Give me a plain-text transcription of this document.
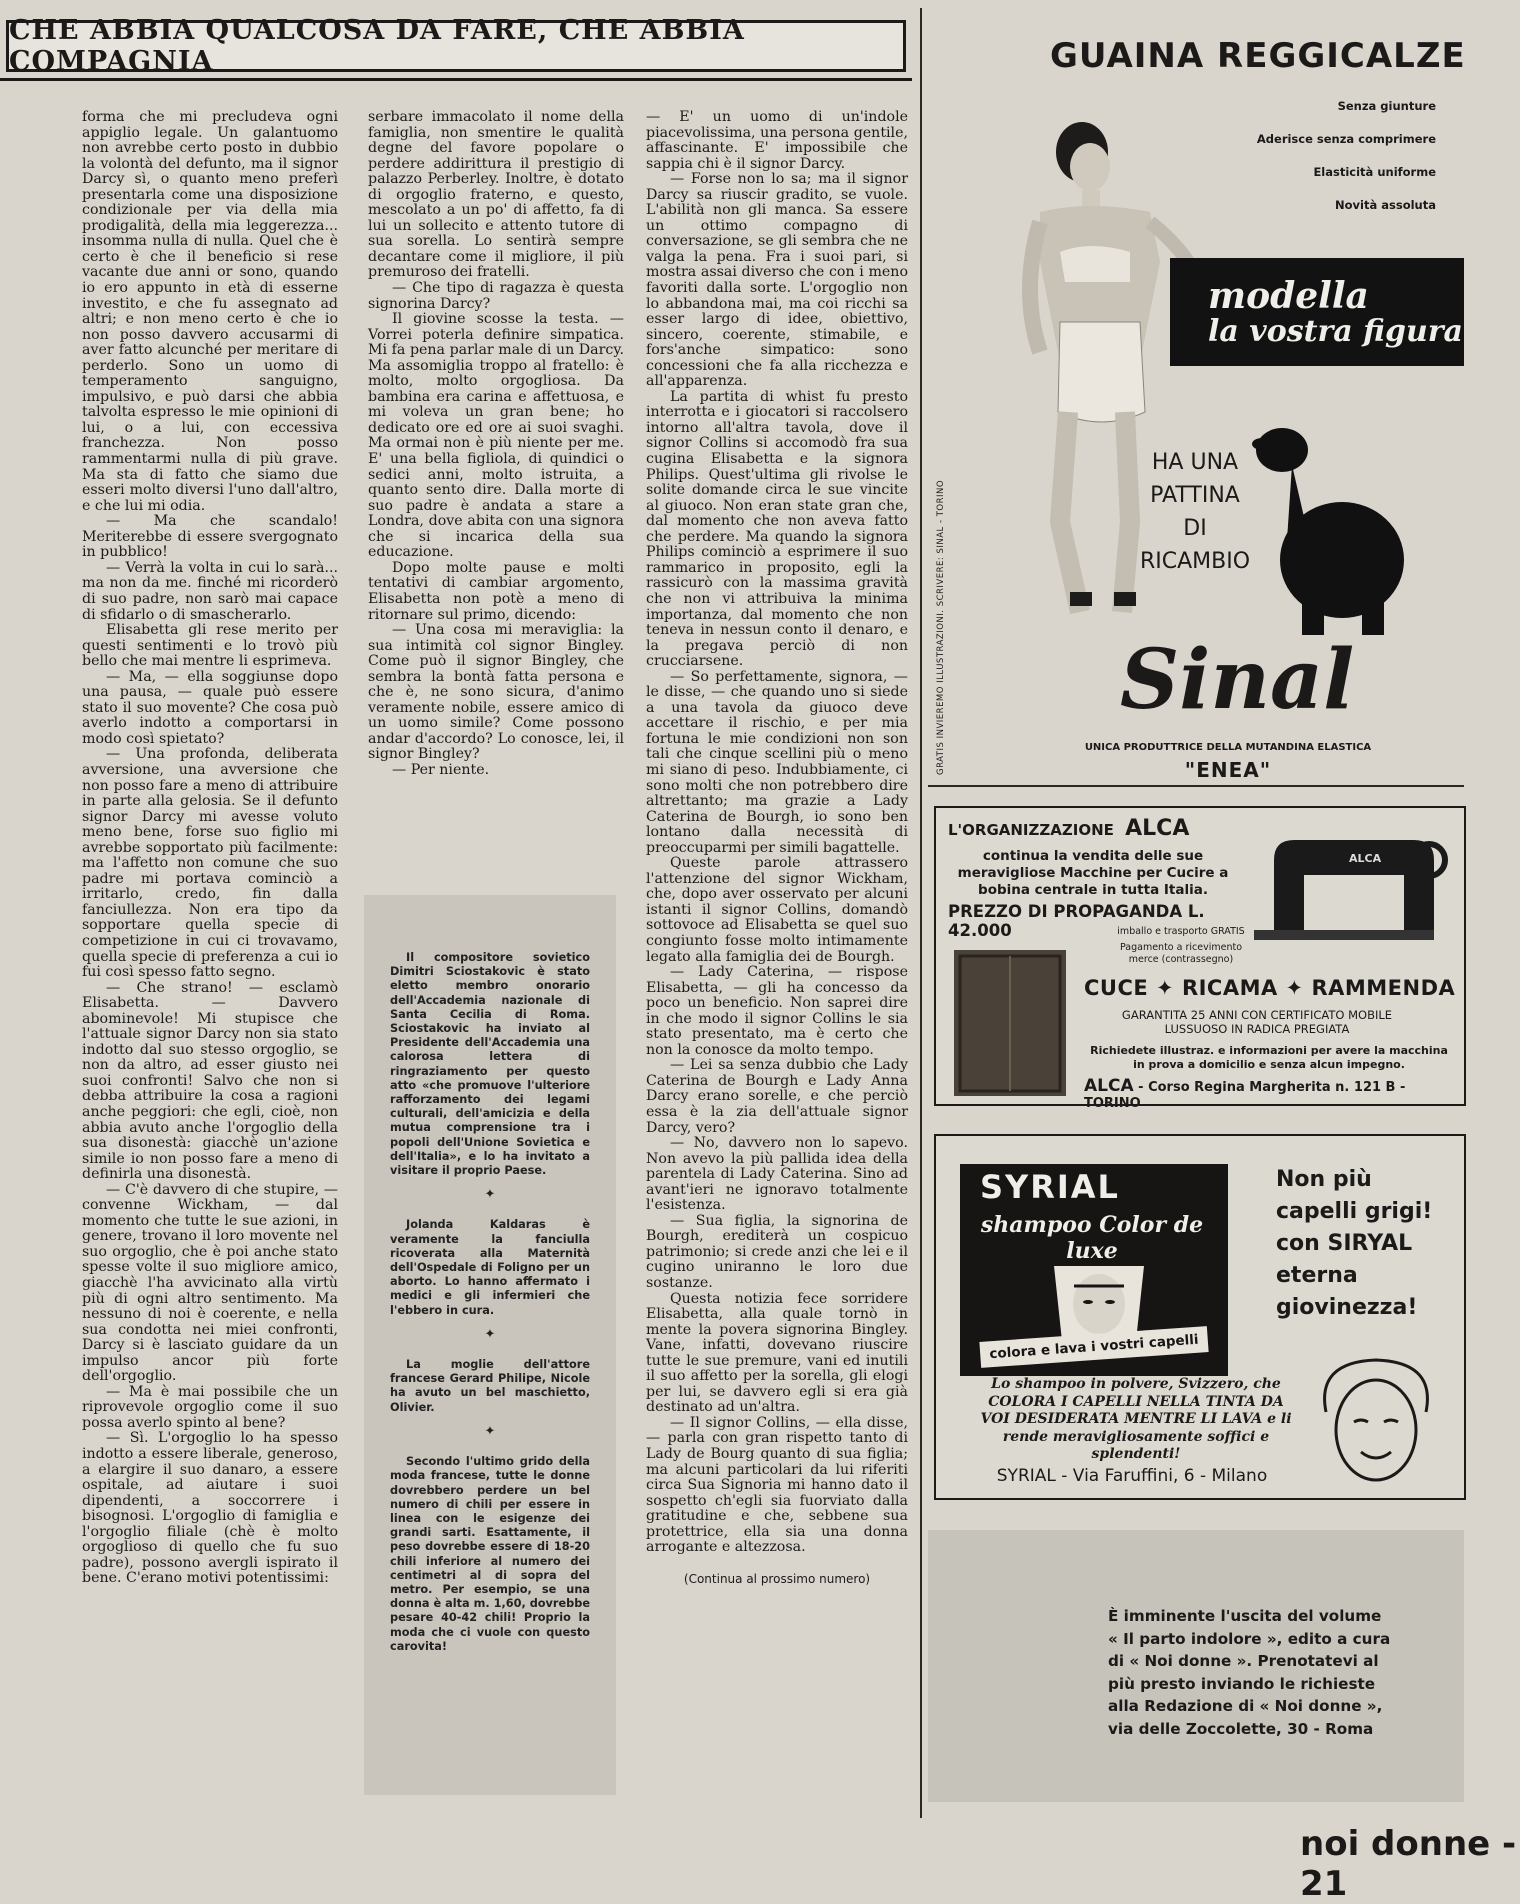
CHE ABBIA QUALCOSA DA FARE, CHE ABBIA COMPAGNIA

forma che mi precludeva ogni appiglio legale. Un galantuomo non avrebbe certo posto in dubbio la volontà del defunto, ma il signor Darcy sì, o quanto meno preferì presentarla come una disposizione condizionale per via della mia prodigalità, della mia leggerezza... insomma nulla di nulla. Quel che è certo è che il beneficio si rese vacante due anni or sono, quando io ero appunto in età di esserne investito, e che fu assegnato ad altri; e non meno certo è che io non posso davvero accusarmi di aver fatto alcunché per meritare di perderlo. Sono un uomo di temperamento sanguigno, impulsivo, e può darsi che abbia talvolta espresso le mie opinioni di lui, o a lui, con eccessiva franchezza. Non posso rammentarmi nulla di più grave. Ma sta di fatto che siamo due esseri molto diversi l'uno dall'altro, e che lui mi odia.

— Ma che scandalo! Meriterebbe di essere svergognato in pubblico!

— Verrà la volta in cui lo sarà... ma non da me. finché mi ricorderò di suo padre, non sarò mai capace di sfidarlo o di smascherarlo.

Elisabetta gli rese merito per questi sentimenti e lo trovò più bello che mai mentre li esprimeva.

— Ma, — ella soggiunse dopo una pausa, — quale può essere stato il suo movente? Che cosa può averlo indotto a comportarsi in modo così spietato?

— Una profonda, deliberata avversione, una avversione che non posso fare a meno di attribuire in parte alla gelosia. Se il defunto signor Darcy mi avesse voluto meno bene, forse suo figlio mi avrebbe sopportato più facilmente: ma l'affetto non comune che suo padre mi portava cominciò a irritarlo, credo, fin dalla fanciullezza. Non era tipo da sopportare quella specie di competizione in cui ci trovavamo, quella specie di preferenza a cui io fui così spesso fatto segno.

— Che strano! — esclamò Elisabetta. — Davvero abominevole! Mi stupisce che l'attuale signor Darcy non sia stato indotto dal suo stesso orgoglio, se non da altro, ad esser giusto nei suoi confronti! Salvo che non si debba attribuire la cosa a ragioni anche peggiori: che egli, cioè, non abbia avuto anche l'orgoglio della sua disonestà: giacchè un'azione simile io non posso fare a meno di definirla una disonestà.

— C'è davvero di che stupire, — convenne Wickham, — dal momento che tutte le sue azioni, in genere, trovano il loro movente nel suo orgoglio, che è poi anche stato spesse volte il suo migliore amico, giacchè l'ha avvicinato alla virtù più di ogni altro sentimento. Ma nessuno di noi è coerente, e nella sua condotta nei miei confronti, Darcy si è lasciato guidare da un impulso ancor più forte dell'orgoglio.

— Ma è mai possibile che un riprovevole orgoglio come il suo possa averlo spinto al bene?

— Sì. L'orgoglio lo ha spesso indotto a essere liberale, generoso, a elargire il suo danaro, a essere ospitale, ad aiutare i suoi dipendenti, a soccorrere i bisognosi. L'orgoglio di famiglia e l'orgoglio filiale (chè è molto orgoglioso di quello che fu suo padre), possono avergli ispirato il bene. C'erano motivi potentissimi:

serbare immacolato il nome della famiglia, non smentire le qualità degne del favore popolare o perdere addirittura il prestigio di palazzo Perberley. Inoltre, è dotato di orgoglio fraterno, e questo, mescolato a un po' di affetto, fa di lui un sollecito e attento tutore di sua sorella. Lo sentirà sempre decantare come il migliore, il più premuroso dei fratelli.

— Che tipo di ragazza è questa signorina Darcy?

Il giovine scosse la testa. — Vorrei poterla definire simpatica. Mi fa pena parlar male di un Darcy. Ma assomiglia troppo al fratello: è molto, molto orgogliosa. Da bambina era carina e affettuosa, e mi voleva un gran bene; ho dedicato ore ed ore ai suoi svaghi. Ma ormai non è più niente per me. E' una bella figliola, di quindici o sedici anni, molto istruita, a quanto sento dire. Dalla morte di suo padre è andata a stare a Londra, dove abita con una signora che si incarica della sua educazione.

Dopo molte pause e molti tentativi di cambiar argomento, Elisabetta non potè a meno di ritornare sul primo, dicendo:

— Una cosa mi meraviglia: la sua intimità col signor Bingley. Come può il signor Bingley, che sembra la bontà fatta persona e che è, ne sono sicura, d'animo veramente nobile, essere amico di un uomo simile? Come possono andar d'accordo? Lo conosce, lei, il signor Bingley?

— Per niente.

Il compositore sovietico Dimitri Sciostakovic è stato eletto membro onorario dell'Accademia nazionale di Santa Cecilia di Roma. Sciostakovic ha inviato al Presidente dell'Accademia una calorosa lettera di ringraziamento per questo atto «che promuove l'ulteriore rafforzamento dei legami culturali, dell'amicizia e della mutua comprensione tra i popoli dell'Unione Sovietica e dell'Italia», e lo ha invitato a visitare il proprio Paese.

✦

Jolanda Kaldaras è veramente la fanciulla ricoverata alla Maternità dell'Ospedale di Foligno per un aborto. Lo hanno affermato i medici e gli infermieri che l'ebbero in cura.

✦

La moglie dell'attore francese Gerard Philipe, Nicole ha avuto un bel maschietto, Olivier.

✦

Secondo l'ultimo grido della moda francese, tutte le donne dovrebbero perdere un bel numero di chili per essere in linea con le esigenze dei grandi sarti. Esattamente, il peso dovrebbe essere di 18-20 chili inferiore al numero dei centimetri al di sopra del metro. Per esempio, se una donna è alta m. 1,60, dovrebbe pesare 40-42 chili! Proprio la moda che ci vuole con questo carovita!

— E' un uomo di un'indole piacevolissima, una persona gentile, affascinante. E' impossibile che sappia chi è il signor Darcy.

— Forse non lo sa; ma il signor Darcy sa riuscir gradito, se vuole. L'abilità non gli manca. Sa essere un ottimo compagno di conversazione, se gli sembra che ne valga la pena. Fra i suoi pari, si mostra assai diverso che con i meno favoriti dalla sorte. L'orgoglio non lo abbandona mai, ma coi ricchi sa esser largo di idee, obiettivo, sincero, coerente, stimabile, e fors'anche simpatico: sono concessioni che fa alla ricchezza e all'apparenza.

La partita di whist fu presto interrotta e i giocatori si raccolsero intorno all'altra tavola, dove il signor Collins si accomodò fra sua cugina Elisabetta e la signora Philips. Quest'ultima gli rivolse le solite domande circa le sue vincite al giuoco. Non eran state gran che, dal momento che non aveva fatto che perdere. Ma quando la signora Philips cominciò a esprimere il suo rammarico in proposito, egli la rassicurò con la massima gravità che non vi attribuiva la minima importanza, dal momento che non teneva in nessun conto il denaro, e la pregava perciò di non crucciarsene.

— So perfettamente, signora, — le disse, — che quando uno si siede a una tavola da giuoco deve accettare il rischio, e per mia fortuna le mie condizioni non son tali che cinque scellini più o meno mi siano di peso. Indubbiamente, ci sono molti che non potrebbero dire altrettanto; ma grazie a Lady Caterina de Bourgh, io sono ben lontano dalla necessità di preoccuparmi per simili bagattelle.

Queste parole attrassero l'attenzione del signor Wickham, che, dopo aver osservato per alcuni istanti il signor Collins, domandò sottovoce ad Elisabetta se quel suo congiunto fosse molto intimamente legato alla famiglia dei de Bourgh.

— Lady Caterina, — rispose Elisabetta, — gli ha concesso da poco un beneficio. Non saprei dire in che modo il signor Collins le sia stato presentato, ma è certo che non la conosce da molto tempo.

— Lei sa senza dubbio che Lady Caterina de Bourgh e Lady Anna Darcy erano sorelle, e che perciò essa è la zia dell'attuale signor Darcy, vero?

— No, davvero non lo sapevo. Non avevo la più pallida idea della parentela di Lady Caterina. Sino ad avant'ieri ne ignoravo totalmente l'esistenza.

— Sua figlia, la signorina de Bourgh, erediterà un cospicuo patrimonio; si crede anzi che lei e il cugino uniranno le loro due sostanze.

Questa notizia fece sorridere Elisabetta, alla quale tornò in mente la povera signorina Bingley. Vane, infatti, dovevano riuscire tutte le sue premure, vani ed inutili il suo affetto per la sorella, gli elogi per lui, se davvero egli si era già destinato ad un'altra.

— Il signor Collins, — ella disse, — parla con gran rispetto tanto di Lady de Bourg quanto di sua figlia; ma alcuni particolari da lui riferiti circa Sua Signoria mi hanno dato il sospetto ch'egli sia fuorviato dalla gratitudine e che, sebbene sua protettrice, ella sia una donna arrogante e altezzosa.

(Continua al prossimo numero)
GUAINA REGGICALZE
Senza giunture
Aderisce senza comprimere
Elasticità uniforme
Novità assoluta
modella
la vostra figura
HA UNA
PATTINA
DI
RICAMBIO
Sinal
UNICA PRODUTTRICE DELLA MUTANDINA ELASTICA
"ENEA"
GRATIS INVIEREMO ILLUSTRAZIONI. SCRIVERE: SINAL - TORINO
L'ORGANIZZAZIONE ALCA
continua la vendita delle sue meravigliose Macchine per Cucire a bobina centrale in tutta Italia.
PREZZO DI PROPAGANDA L. 42.000	imballo e trasporto GRATIS
Pagamento a ricevimento merce (contrassegno)
ALCA
CUCE ✦ RICAMA ✦ RAMMENDA
GARANTITA 25 ANNI CON CERTIFICATO MOBILE LUSSUOSO IN RADICA PREGIATA
Richiedete illustraz. e informazioni per avere la macchina in prova a domicilio e senza alcun impegno.
ALCA - Corso Regina Margherita n. 121 B - TORINO
SYRIAL
shampoo Color de luxe
colora e lava i vostri capelli
Non più
capelli grigi!
con SIRYAL
eterna
giovinezza!
Lo shampoo in polvere, Svizzero, che COLORA I CAPELLI NELLA TINTA DA VOI DESIDERATA MENTRE LI LAVA e li rende meravigliosamente soffici e splendenti!
SYRIAL - Via Faruffini, 6 - Milano
È imminente l'uscita del volume
« Il parto indolore », edito a cura
di « Noi donne ». Prenotatevi al
più presto inviando le richieste
alla Redazione di « Noi donne »,
via delle Zoccolette, 30 - Roma
noi donne - 21
